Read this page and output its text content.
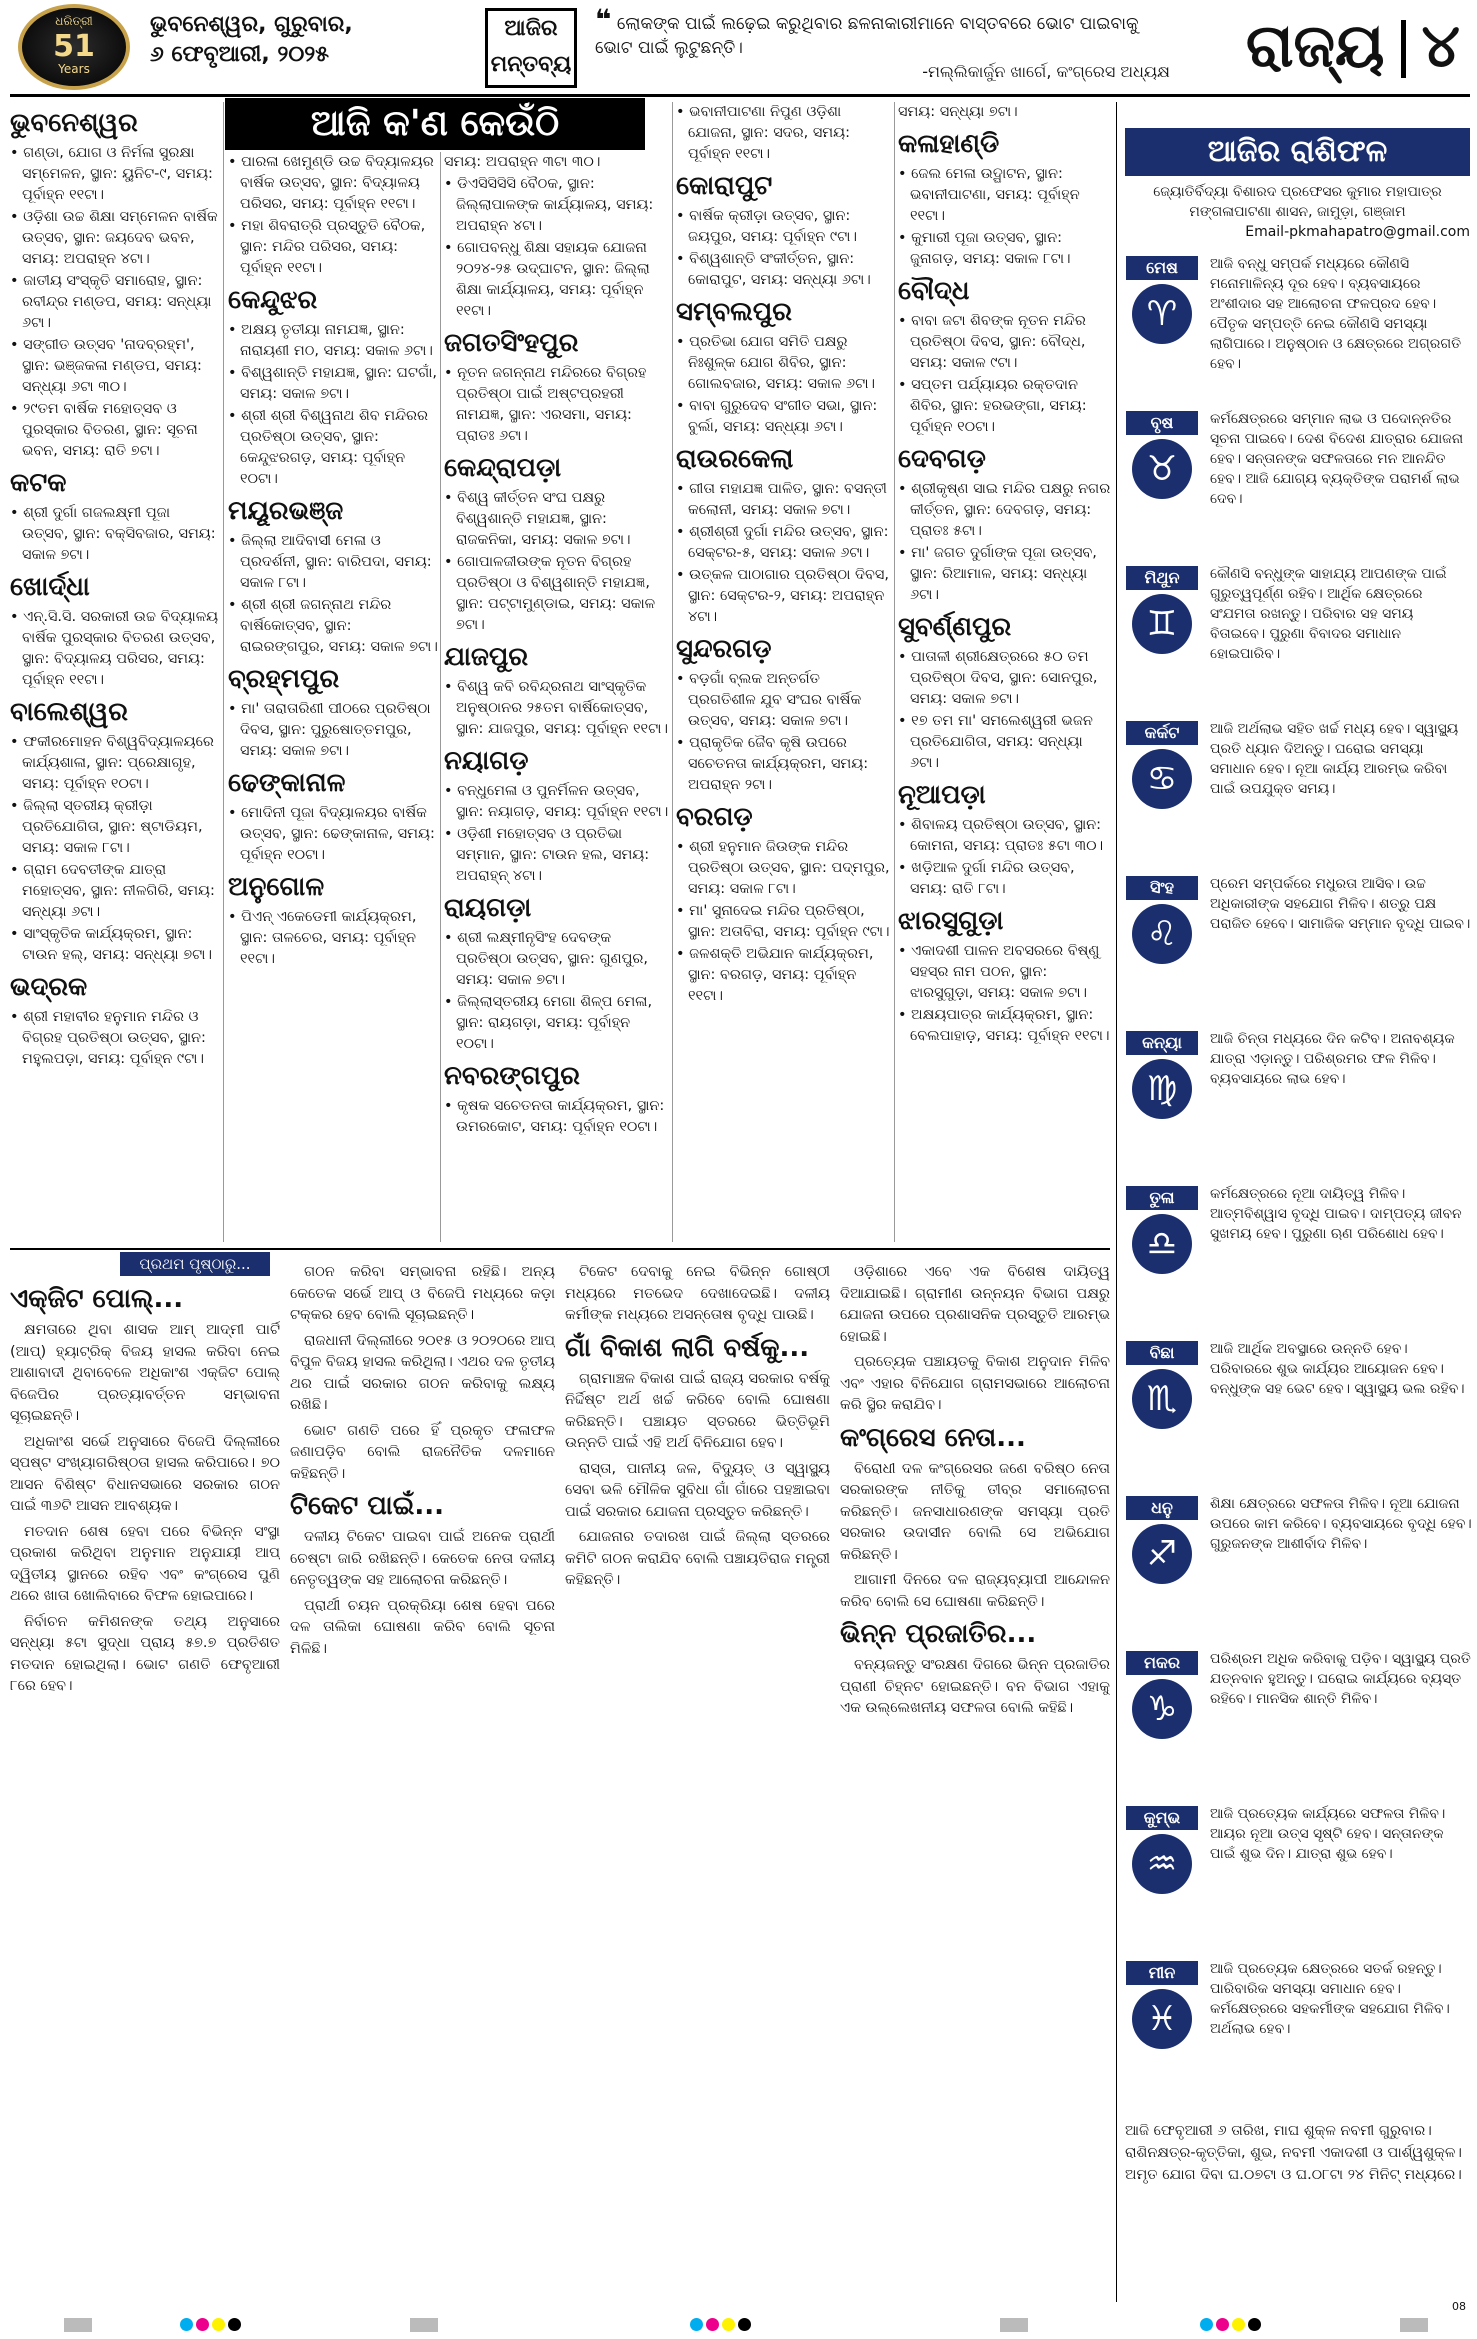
ଧରିତ୍ରୀ
51
Years
ଭୁବନେଶ୍ୱର, ଗୁରୁବାର,
୬ ଫେବୃଆରୀ, ୨୦୨୫
ଆଜିର ମନ୍ତବ୍ୟ
❝ ଲୋକଙ୍କ ପାଇଁ ଲଢ଼େଇ କରୁଥିବାର ଛଳନାକାରୀମାନେ ବାସ୍ତବରେ ଭୋଟ ପାଇବାକୁ ଭୋଟ ପାଇଁ ଲୁଟୁଛନ୍ତି।
-ମଲ୍ଲିକାର୍ଜୁନ ଖାର୍ଗେ, କଂଗ୍ରେସ ଅଧ୍ୟକ୍ଷ ରାଜ୍ୟ ୪
ଆଜି କ'ଣ କେଉଁଠି

ଭୁବନେଶ୍ୱର

• ଗଣ୍ଡା, ଯୋଗ ଓ ନିର୍ମଳା ସୁରକ୍ଷା ସମ୍ମେଳନ, ସ୍ଥାନ: ୟୁନିଟ-୯, ସମୟ: ପୂର୍ବାହ୍ନ ୧୧ଟା।

• ଓଡ଼ିଶା ଉଚ୍ଚ ଶିକ୍ଷା ସମ୍ମେଳନ ବାର୍ଷିକ ଉତ୍ସବ, ସ୍ଥାନ: ଜୟଦେବ ଭବନ, ସମୟ: ଅପରାହ୍ନ ୪ଟା।

• ଜାତୀୟ ସଂସ୍କୃତି ସମାରୋହ, ସ୍ଥାନ: ରବୀନ୍ଦ୍ର ମଣ୍ଡପ, ସମୟ: ସନ୍ଧ୍ୟା ୬ଟା।

• ସଙ୍ଗୀତ ଉତ୍ସବ 'ନାଦବ୍ରହ୍ମ', ସ୍ଥାନ: ଭଞ୍ଜକଳା ମଣ୍ଡପ, ସମୟ: ସନ୍ଧ୍ୟା ୬ଟା ୩୦।

• ୨୯ତମ ବାର୍ଷିକ ମହୋତ୍ସବ ଓ ପୁରସ୍କାର ବିତରଣ, ସ୍ଥାନ: ସୂଚନା ଭବନ, ସମୟ: ରାତି ୭ଟା।

କଟକ

• ଶ୍ରୀ ଦୁର୍ଗା ଗଜଲକ୍ଷ୍ମୀ ପୂଜା ଉତ୍ସବ, ସ୍ଥାନ: ବକ୍ସିବଜାର, ସମୟ: ସକାଳ ୭ଟା।

ଖୋର୍ଦ୍ଧା

• ଏନ୍.ସି.ସି. ସରକାରୀ ଉଚ୍ଚ ବିଦ୍ୟାଳୟ ବାର୍ଷିକ ପୁରସ୍କାର ବିତରଣ ଉତ୍ସବ, ସ୍ଥାନ: ବିଦ୍ୟାଳୟ ପରିସର, ସମୟ: ପୂର୍ବାହ୍ନ ୧୧ଟା।

ବାଲେଶ୍ୱର

• ଫକୀରମୋହନ ବିଶ୍ୱବିଦ୍ୟାଳୟରେ କାର୍ଯ୍ୟଶାଳା, ସ୍ଥାନ: ପ୍ରେକ୍ଷାଗୃହ, ସମୟ: ପୂର୍ବାହ୍ନ ୧୦ଟା।

• ଜିଲ୍ଲା ସ୍ତରୀୟ କ୍ରୀଡ଼ା ପ୍ରତିଯୋଗିତା, ସ୍ଥାନ: ଷ୍ଟାଡିୟମ, ସମୟ: ସକାଳ ୮ଟା।

• ଗ୍ରାମ ଦେବତୀଙ୍କ ଯାତ୍ରା ମହୋତ୍ସବ, ସ୍ଥାନ: ନୀଳଗିରି, ସମୟ: ସନ୍ଧ୍ୟା ୬ଟା।

• ସାଂସ୍କୃତିକ କାର୍ଯ୍ୟକ୍ରମ, ସ୍ଥାନ: ଟାଉନ ହଲ୍, ସମୟ: ସନ୍ଧ୍ୟା ୭ଟା।

ଭଦ୍ରକ

• ଶ୍ରୀ ମହାବୀର ହନୁମାନ ମନ୍ଦିର ଓ ବିଗ୍ରହ ପ୍ରତିଷ୍ଠା ଉତ୍ସବ, ସ୍ଥାନ: ମହୁଲପଡ଼ା, ସମୟ: ପୂର୍ବାହ୍ନ ୯ଟା।

• ପାରଳା ଖେମୁଣ୍ଡି ଉଚ୍ଚ ବିଦ୍ୟାଳୟର ବାର୍ଷିକ ଉତ୍ସବ, ସ୍ଥାନ: ବିଦ୍ୟାଳୟ ପରିସର, ସମୟ: ପୂର୍ବାହ୍ନ ୧୧ଟା।

• ମହା ଶିବରାତ୍ରି ପ୍ରସ୍ତୁତି ବୈଠକ, ସ୍ଥାନ: ମନ୍ଦିର ପରିସର, ସମୟ: ପୂର୍ବାହ୍ନ ୧୧ଟା।

କେନ୍ଦୁଝର

• ଅକ୍ଷୟ ତୃତୀୟା ନାମଯଜ୍ଞ, ସ୍ଥାନ: ନାରାୟଣୀ ମଠ, ସମୟ: ସକାଳ ୬ଟା।

• ବିଶ୍ୱଶାନ୍ତି ମହାଯଜ୍ଞ, ସ୍ଥାନ: ଘଟଗାଁ, ସମୟ: ସକାଳ ୭ଟା।

• ଶ୍ରୀ ଶ୍ରୀ ବିଶ୍ୱନାଥ ଶିବ ମନ୍ଦିରର ପ୍ରତିଷ୍ଠା ଉତ୍ସବ, ସ୍ଥାନ: କେନ୍ଦୁଝରଗଡ଼, ସମୟ: ପୂର୍ବାହ୍ନ ୧୦ଟା।

ମୟୂରଭଞ୍ଜ

• ଜିଲ୍ଲା ଆଦିବାସୀ ମେଳା ଓ ପ୍ରଦର୍ଶନୀ, ସ୍ଥାନ: ବାରିପଦା, ସମୟ: ସକାଳ ୮ଟା।

• ଶ୍ରୀ ଶ୍ରୀ ଜଗନ୍ନାଥ ମନ୍ଦିର ବାର୍ଷିକୋତ୍ସବ, ସ୍ଥାନ: ରାଇରଙ୍ଗପୁର, ସମୟ: ସକାଳ ୭ଟା।

ବ୍ରହ୍ମପୁର

• ମା' ତାରାତାରିଣୀ ପୀଠରେ ପ୍ରତିଷ୍ଠା ଦିବସ, ସ୍ଥାନ: ପୁରୁଷୋତ୍ତମପୁର, ସମୟ: ସକାଳ ୭ଟା।

ଢେଙ୍କାନାଳ

• ମୋଦିନୀ ପୂଜା ବିଦ୍ୟାଳୟର ବାର୍ଷିକ ଉତ୍ସବ, ସ୍ଥାନ: ଢେଙ୍କାନାଳ, ସମୟ: ପୂର୍ବାହ୍ନ ୧୦ଟା।

ଅନୁଗୋଳ

• ପିଏନ୍ ଏକେଡେମୀ କାର୍ଯ୍ୟକ୍ରମ, ସ୍ଥାନ: ତାଳଚେର, ସମୟ: ପୂର୍ବାହ୍ନ ୧୧ଟା।

ସମୟ: ଅପରାହ୍ନ ୩ଟା ୩୦।

• ଡିଏସିସିସିସି ବୈଠକ, ସ୍ଥାନ: ଜିଲ୍ଲାପାଳଙ୍କ କାର୍ଯ୍ୟାଳୟ, ସମୟ: ଅପରାହ୍ନ ୪ଟା।

• ଗୋପବନ୍ଧୁ ଶିକ୍ଷା ସହାୟକ ଯୋଜନା ୨୦୨୪-୨୫ ଉଦ୍‌ଘାଟନ, ସ୍ଥାନ: ଜିଲ୍ଲା ଶିକ୍ଷା କାର୍ଯ୍ୟାଳୟ, ସମୟ: ପୂର୍ବାହ୍ନ ୧୧ଟା।

ଜଗତସିଂହପୁର

• ନୂତନ ଜଗନ୍ନାଥ ମନ୍ଦିରରେ ବିଗ୍ରହ ପ୍ରତିଷ୍ଠା ପାଇଁ ଅଷ୍ଟପ୍ରହରୀ ନାମଯଜ୍ଞ, ସ୍ଥାନ: ଏରସମା, ସମୟ: ପ୍ରାତଃ ୬ଟା।

କେନ୍ଦ୍ରାପଡ଼ା

• ବିଶ୍ୱ କୀର୍ତ୍ତନ ସଂଘ ପକ୍ଷରୁ ବିଶ୍ୱଶାନ୍ତି ମହାଯଜ୍ଞ, ସ୍ଥାନ: ରାଜକନିକା, ସମୟ: ସକାଳ ୭ଟା।

• ଗୋପାଳଜୀଉଙ୍କ ନୂତନ ବିଗ୍ରହ ପ୍ରତିଷ୍ଠା ଓ ବିଶ୍ୱଶାନ୍ତି ମହାଯଜ୍ଞ, ସ୍ଥାନ: ପଟ୍ଟାମୁଣ୍ଡାଇ, ସମୟ: ସକାଳ ୭ଟା।

ଯାଜପୁର

• ବିଶ୍ୱ କବି ରବିନ୍ଦ୍ରନାଥ ସାଂସ୍କୃତିକ ଅନୁଷ୍ଠାନର ୨୫ତମ ବାର୍ଷିକୋତ୍ସବ, ସ୍ଥାନ: ଯାଜପୁର, ସମୟ: ପୂର୍ବାହ୍ନ ୧୧ଟା।

ନୟାଗଡ଼

• ବନ୍ଧୁମେଳା ଓ ପୁନର୍ମିଳନ ଉତ୍ସବ, ସ୍ଥାନ: ନୟାଗଡ଼, ସମୟ: ପୂର୍ବାହ୍ନ ୧୧ଟା।

• ଓଡ଼ିଶୀ ମହୋତ୍ସବ ଓ ପ୍ରତିଭା ସମ୍ମାନ, ସ୍ଥାନ: ଟାଉନ ହଲ, ସମୟ: ଅପରାହ୍ନ୍ ୪ଟା।

ରାୟଗଡ଼ା

• ଶ୍ରୀ ଲକ୍ଷ୍ମୀନୃସିଂହ ଦେବଙ୍କ ପ୍ରତିଷ୍ଠା ଉତ୍ସବ, ସ୍ଥାନ: ଗୁଣପୁର, ସମୟ: ସକାଳ ୭ଟା।

• ଜିଲ୍ଲାସ୍ତରୀୟ ମେଗା ଶିଳ୍ପ ମେଳା, ସ୍ଥାନ: ରାୟଗଡ଼ା, ସମୟ: ପୂର୍ବାହ୍ନ ୧୦ଟା।

ନବରଙ୍ଗପୁର

• କୃଷକ ସଚେତନତା କାର୍ଯ୍ୟକ୍ରମ, ସ୍ଥାନ: ଉମରକୋଟ, ସମୟ: ପୂର୍ବାହ୍ନ ୧୦ଟା।

• ଭବାନୀପାଟଣା ନିପୁଣ ଓଡ଼ିଶା ଯୋଜନା, ସ୍ଥାନ: ସଦର, ସମୟ: ପୂର୍ବାହ୍ନ ୧୧ଟା।

କୋରାପୁଟ

• ବାର୍ଷିକ କ୍ରୀଡ଼ା ଉତ୍ସବ, ସ୍ଥାନ: ଜୟପୁର, ସମୟ: ପୂର୍ବାହ୍ନ ୯ଟା।

• ବିଶ୍ୱଶାନ୍ତି ସଂକୀର୍ତ୍ତନ, ସ୍ଥାନ: କୋରାପୁଟ, ସମୟ: ସନ୍ଧ୍ୟା ୬ଟା।

ସମ୍ବଲପୁର

• ପ୍ରତିଭା ଯୋଗ ସମିତି ପକ୍ଷରୁ ନିଃଶୁଳ୍କ ଯୋଗ ଶିବିର, ସ୍ଥାନ: ଗୋଲବଜାର, ସମୟ: ସକାଳ ୬ଟା।

• ବାବା ଗୁରୁଦେବ ସଂଗୀତ ସଭା, ସ୍ଥାନ: ବୁର୍ଲା, ସମୟ: ସନ୍ଧ୍ୟା ୬ଟା।

ରାଉରକେଲା

• ଗୀତା ମହାଯଜ୍ଞ ପାଳିତ, ସ୍ଥାନ: ବସନ୍ତୀ କଲୋନୀ, ସମୟ: ସକାଳ ୭ଟା।

• ଶ୍ରୀଶ୍ରୀ ଦୁର୍ଗା ମନ୍ଦିର ଉତ୍ସବ, ସ୍ଥାନ: ସେକ୍ଟର-୫, ସମୟ: ସକାଳ ୬ଟା।

• ଉତ୍କଳ ପାଠାଗାର ପ୍ରତିଷ୍ଠା ଦିବସ, ସ୍ଥାନ: ସେକ୍ଟର-୨, ସମୟ: ଅପରାହ୍ନ ୪ଟା।

ସୁନ୍ଦରଗଡ଼

• ବଡ଼ଗାଁ ବ୍ଲକ ଅନ୍ତର୍ଗତ ପ୍ରଗତିଶୀଳ ଯୁବ ସଂଘର ବାର୍ଷିକ ଉତ୍ସବ, ସମୟ: ସକାଳ ୭ଟା।

• ପ୍ରାକୃତିକ ଜୈବ କୃଷି ଉପରେ ସଚେତନତା କାର୍ଯ୍ୟକ୍ରମ, ସମୟ: ଅପରାହ୍ନ ୨ଟା।

ବରଗଡ଼

• ଶ୍ରୀ ହନୁମାନ ଜିଉଙ୍କ ମନ୍ଦିର ପ୍ରତିଷ୍ଠା ଉତ୍ସବ, ସ୍ଥାନ: ପଦ୍ମପୁର, ସମୟ: ସକାଳ ୮ଟା।

• ମା' ସୁନାଦେଇ ମନ୍ଦିର ପ୍ରତିଷ୍ଠା, ସ୍ଥାନ: ଅତାବିରା, ସମୟ: ପୂର୍ବାହ୍ନ ୯ଟା।

• ଜଳଶକ୍ତି ଅଭିଯାନ କାର୍ଯ୍ୟକ୍ରମ, ସ୍ଥାନ: ବରଗଡ଼, ସମୟ: ପୂର୍ବାହ୍ନ ୧୧ଟା।

ସମୟ: ସନ୍ଧ୍ୟା ୭ଟା।

କଳାହାଣ୍ଡି

• ଜେଲ ମେଳା ଉଦ୍ଘାଟନ, ସ୍ଥାନ: ଭବାନୀପାଟଣା, ସମୟ: ପୂର୍ବାହ୍ନ ୧୧ଟା।

• କୁମାରୀ ପୂଜା ଉତ୍ସବ, ସ୍ଥାନ: ଜୁନାଗଡ଼, ସମୟ: ସକାଳ ୮ଟା।

ବୌଦ୍ଧ

• ବାବା ଜଟା ଶିବଙ୍କ ନୂତନ ମନ୍ଦିର ପ୍ରତିଷ୍ଠା ଦିବସ, ସ୍ଥାନ: ବୌଦ୍ଧ, ସମୟ: ସକାଳ ୯ଟା।

• ସପ୍ତମ ପର୍ଯ୍ୟାୟର ରକ୍ତଦାନ ଶିବିର, ସ୍ଥାନ: ହରଭଙ୍ଗା, ସମୟ: ପୂର୍ବାହ୍ନ ୧୦ଟା।

ଦେବଗଡ଼

• ଶ୍ରୀକୃଷ୍ଣ ସାଇ ମନ୍ଦିର ପକ୍ଷରୁ ନଗର କୀର୍ତ୍ତନ, ସ୍ଥାନ: ଦେବଗଡ଼, ସମୟ: ପ୍ରାତଃ ୫ଟା।

• ମା' ଜଗତ ଦୁର୍ଗାଙ୍କ ପୂଜା ଉତ୍ସବ, ସ୍ଥାନ: ରିଆମାଳ, ସମୟ: ସନ୍ଧ୍ୟା ୬ଟା।

ସୁବର୍ଣ୍ଣପୁର

• ପାତାଳୀ ଶ୍ରୀକ୍ଷେତ୍ରରେ ୫୦ ତମ ପ୍ରତିଷ୍ଠା ଦିବସ, ସ୍ଥାନ: ସୋନପୁର, ସମୟ: ସକାଳ ୭ଟା।

• ୧୭ ତମ ମା' ସମଲେଶ୍ୱରୀ ଭଜନ ପ୍ରତିଯୋଗିତା, ସମୟ: ସନ୍ଧ୍ୟା ୬ଟା।

ନୂଆପଡ଼ା

• ଶିବାଳୟ ପ୍ରତିଷ୍ଠା ଉତ୍ସବ, ସ୍ଥାନ: କୋମନା, ସମୟ: ପ୍ରାତଃ ୫ଟା ୩୦।

• ଖଡ଼ିଆଳ ଦୁର୍ଗା ମନ୍ଦିର ଉତ୍ସବ, ସମୟ: ରାତି ୮ଟା।

ଝାରସୁଗୁଡ଼ା

• ଏକାଦଶୀ ପାଳନ ଅବସରରେ ବିଷ୍ଣୁ ସହସ୍ର ନାମ ପଠନ, ସ୍ଥାନ: ଝାରସୁଗୁଡ଼ା, ସମୟ: ସକାଳ ୭ଟା।

• ଅକ୍ଷୟପାତ୍ର କାର୍ଯ୍ୟକ୍ରମ, ସ୍ଥାନ: ବେଲପାହାଡ଼, ସମୟ: ପୂର୍ବାହ୍ନ ୧୧ଟା।

ଆଜିର ରାଶିଫଳ
ଜ୍ୟୋତିର୍ବିଦ୍ୟା ବିଶାରଦ ପ୍ରଫେସର କୁମାର ମହାପାତ୍ର
ମଙ୍ଗଳାପାଟଣା ଶାସନ, ଜାମୁଡ଼ା, ଗଞ୍ଜାମ
Email-pkmahapatro@gmail.com
ମେଷ
♈
ଆଜି ବନ୍ଧୁ ସମ୍ପର୍କ ମଧ୍ୟରେ କୌଣସି ମନୋମାଳିନ୍ୟ ଦୂର ହେବ। ବ୍ୟବସାୟରେ ଅଂଶୀଦାର ସହ ଆଲୋଚନା ଫଳପ୍ରଦ ହେବ। ପୈତୃକ ସମ୍ପତ୍ତି ନେଇ କୌଣସି ସମସ୍ୟା ଲାଗିପାରେ। ଅନୁଷ୍ଠାନ ଓ କ୍ଷେତ୍ରରେ ଅଗ୍ରଗତି ହେବ।
ବୃଷ
♉
କର୍ମକ୍ଷେତ୍ରରେ ସମ୍ମାନ ଲାଭ ଓ ପଦୋନ୍ନତିର ସୂଚନା ପାଇବେ। ଦେଶ ବିଦେଶ ଯାତ୍ରାର ଯୋଜନା ହେବ। ସନ୍ତାନଙ୍କ ସଫଳତାରେ ମନ ଆନନ୍ଦିତ ହେବ। ଆଜି ଯୋଗ୍ୟ ବ୍ୟକ୍ତିଙ୍କ ପରାମର୍ଶ ଲାଭ ଦେବ।
ମିଥୁନ
♊
କୌଣସି ବନ୍ଧୁଙ୍କ ସାହାଯ୍ୟ ଆପଣଙ୍କ ପାଇଁ ଗୁରୁତ୍ୱପୂର୍ଣ୍ଣ ରହିବ। ଆର୍ଥିକ କ୍ଷେତ୍ରରେ ସଂଯମତା ରଖନ୍ତୁ। ପରିବାର ସହ ସମୟ ବିତାଇବେ। ପୁରୁଣା ବିବାଦର ସମାଧାନ ହୋଇପାରିବ।
କର୍କଟ
♋
ଆଜି ଅର୍ଥଲାଭ ସହିତ ଖର୍ଚ୍ଚ ମଧ୍ୟ ହେବ। ସ୍ୱାସ୍ଥ୍ୟ ପ୍ରତି ଧ୍ୟାନ ଦିଅନ୍ତୁ। ଘରୋଇ ସମସ୍ୟା ସମାଧାନ ହେବ। ନୂଆ କାର୍ଯ୍ୟ ଆରମ୍ଭ କରିବା ପାଇଁ ଉପଯୁକ୍ତ ସମୟ।
ସିଂହ
♌
ପ୍ରେମ ସମ୍ପର୍କରେ ମଧୁରତା ଆସିବ। ଉଚ୍ଚ ଅଧିକାରୀଙ୍କ ସହଯୋଗ ମିଳିବ। ଶତ୍ରୁ ପକ୍ଷ ପରାଜିତ ହେବେ। ସାମାଜିକ ସମ୍ମାନ ବୃଦ୍ଧି ପାଇବ।
କନ୍ୟା
♍
ଆଜି ଚିନ୍ତା ମଧ୍ୟରେ ଦିନ କଟିବ। ଅନାବଶ୍ୟକ ଯାତ୍ରା ଏଡ଼ାନ୍ତୁ। ପରିଶ୍ରମର ଫଳ ମିଳିବ। ବ୍ୟବସାୟରେ ଲାଭ ହେବ।
ତୁଳା
♎
କର୍ମକ୍ଷେତ୍ରରେ ନୂଆ ଦାୟିତ୍ୱ ମିଳିବ। ଆତ୍ମବିଶ୍ୱାସ ବୃଦ୍ଧି ପାଇବ। ଦାମ୍ପତ୍ୟ ଜୀବନ ସୁଖମୟ ହେବ। ପୁରୁଣା ଋଣ ପରିଶୋଧ ହେବ।
ବିଛା
♏
ଆଜି ଆର୍ଥିକ ଅବସ୍ଥାରେ ଉନ୍ନତି ହେବ। ପରିବାରରେ ଶୁଭ କାର୍ଯ୍ୟର ଆୟୋଜନ ହେବ। ବନ୍ଧୁଙ୍କ ସହ ଭେଟ ହେବ। ସ୍ୱାସ୍ଥ୍ୟ ଭଲ ରହିବ।
ଧନୁ
♐
ଶିକ୍ଷା କ୍ଷେତ୍ରରେ ସଫଳତା ମିଳିବ। ନୂଆ ଯୋଜନା ଉପରେ କାମ କରିବେ। ବ୍ୟବସାୟରେ ବୃଦ୍ଧି ହେବ। ଗୁରୁଜନଙ୍କ ଆଶୀର୍ବାଦ ମିଳିବ।
ମକର
♑
ପରିଶ୍ରମ ଅଧିକ କରିବାକୁ ପଡ଼ିବ। ସ୍ୱାସ୍ଥ୍ୟ ପ୍ରତି ଯତ୍ନବାନ ହୁଅନ୍ତୁ। ଘରୋଇ କାର୍ଯ୍ୟରେ ବ୍ୟସ୍ତ ରହିବେ। ମାନସିକ ଶାନ୍ତି ମିଳିବ।
କୁମ୍ଭ
♒
ଆଜି ପ୍ରତ୍ୟେକ କାର୍ଯ୍ୟରେ ସଫଳତା ମିଳିବ। ଆୟର ନୂଆ ଉତ୍ସ ସୃଷ୍ଟି ହେବ। ସନ୍ତାନଙ୍କ ପାଇଁ ଶୁଭ ଦିନ। ଯାତ୍ରା ଶୁଭ ହେବ।
ମୀନ
♓
ଆଜି ପ୍ରତ୍ୟେକ କ୍ଷେତ୍ରରେ ସତର୍କ ରହନ୍ତୁ। ପାରିବାରିକ ସମସ୍ୟା ସମାଧାନ ହେବ। କର୍ମକ୍ଷେତ୍ରରେ ସହକର୍ମୀଙ୍କ ସହଯୋଗ ମିଳିବ। ଅର୍ଥଲାଭ ହେବ।
ଆଜି ଫେବୃଆରୀ ୬ ତାରିଖ, ମାଘ ଶୁକ୍ଳ ନବମୀ ଗୁରୁବାର। ରାଶିନକ୍ଷତ୍ର-କୃତ୍ତିକା, ଶୁଭ, ନବମୀ ଏକାଦଶୀ ଓ ପାର୍ଶ୍ୱଶୁକ୍ଳ। ଅମୃତ ଯୋଗ ଦିବା ଘ.୦୭ଟା ଓ ଘ.୦୮ଟା ୨୪ ମିନିଟ୍ ମଧ୍ୟରେ।
ପ୍ରଥମ ପୃଷ୍ଠାରୁ...
ଏକ୍‌ଜିଟ ପୋଲ୍...

କ୍ଷମତାରେ ଥିବା ଶାସକ ଆମ୍ ଆଦ୍‌ମୀ ପାର୍ଟି (ଆପ୍) ହ୍ୟାଟ୍ରିକ୍ ବିଜୟ ହାସଲ କରିବା ନେଇ ଆଶାବାଦୀ ଥିବାବେଳେ ଅଧିକାଂଶ ଏକ୍‌ଜିଟ ପୋଲ୍ ବିଜେପିର ପ୍ରତ୍ୟାବର୍ତ୍ତନ ସମ୍ଭାବନା ସୂଚାଇଛନ୍ତି।

ଅଧିକାଂଶ ସର୍ଭେ ଅନୁସାରେ ବିଜେପି ଦିଲ୍ଲୀରେ ସ୍ପଷ୍ଟ ସଂଖ୍ୟାଗରିଷ୍ଠତା ହାସଲ କରିପାରେ। ୭୦ ଆସନ ବିଶିଷ୍ଟ ବିଧାନସଭାରେ ସରକାର ଗଠନ ପାଇଁ ୩୬ଟି ଆସନ ଆବଶ୍ୟକ।

ମତଦାନ ଶେଷ ହେବା ପରେ ବିଭିନ୍ନ ସଂସ୍ଥା ପ୍ରକାଶ କରିଥିବା ଅନୁମାନ ଅନୁଯାୟୀ ଆପ୍ ଦ୍ୱିତୀୟ ସ୍ଥାନରେ ରହିବ ଏବଂ କଂଗ୍ରେସ ପୁଣି ଥରେ ଖାତା ଖୋଲିବାରେ ବିଫଳ ହୋଇପାରେ।

ନିର୍ବାଚନ କମିଶନଙ୍କ ତଥ୍ୟ ଅନୁସାରେ ସନ୍ଧ୍ୟା ୫ଟା ସୁଦ୍ଧା ପ୍ରାୟ ୫୭.୭ ପ୍ରତିଶତ ମତଦାନ ହୋଇଥିଲା। ଭୋଟ ଗଣତି ଫେବୃଆରୀ ୮ରେ ହେବ।

ଗଠନ କରିବା ସମ୍ଭାବନା ରହିଛି। ଅନ୍ୟ କେତେକ ସର୍ଭେ ଆପ୍ ଓ ବିଜେପି ମଧ୍ୟରେ କଡ଼ା ଟକ୍କର ହେବ ବୋଲି ସୂଚାଇଛନ୍ତି।

ରାଜଧାନୀ ଦିଲ୍ଲୀରେ ୨୦୧୫ ଓ ୨୦୨୦ରେ ଆପ୍ ବିପୁଳ ବିଜୟ ହାସଲ କରିଥିଲା। ଏଥର ଦଳ ତୃତୀୟ ଥର ପାଇଁ ସରକାର ଗଠନ କରିବାକୁ ଲକ୍ଷ୍ୟ ରଖିଛି।

ଭୋଟ ଗଣତି ପରେ ହିଁ ପ୍ରକୃତ ଫଳାଫଳ ଜଣାପଡ଼ିବ ବୋଲି ରାଜନୈତିକ ଦଳମାନେ କହିଛନ୍ତି।

ଟିକେଟ ପାଇଁ...

ଦଳୀୟ ଟିକେଟ ପାଇବା ପାଇଁ ଅନେକ ପ୍ରାର୍ଥୀ ଚେଷ୍ଟା ଜାରି ରଖିଛନ୍ତି। କେତେକ ନେତା ଦଳୀୟ ନେତୃତ୍ୱଙ୍କ ସହ ଆଲୋଚନା କରିଛନ୍ତି।

ପ୍ରାର୍ଥୀ ଚୟନ ପ୍ରକ୍ରିୟା ଶେଷ ହେବା ପରେ ଦଳ ତାଲିକା ଘୋଷଣା କରିବ ବୋଲି ସୂଚନା ମିଳିଛି।

ଟିକେଟ ଦେବାକୁ ନେଇ ବିଭିନ୍ନ ଗୋଷ୍ଠୀ ମଧ୍ୟରେ ମତଭେଦ ଦେଖାଦେଇଛି। ଦଳୀୟ କର୍ମୀଙ୍କ ମଧ୍ୟରେ ଅସନ୍ତୋଷ ବୃଦ୍ଧି ପାଉଛି।

ଗାଁ ବିକାଶ ଲାଗି ବର୍ଷକୁ...

ଗ୍ରାମାଞ୍ଚଳ ବିକାଶ ପାଇଁ ରାଜ୍ୟ ସରକାର ବର୍ଷକୁ ନିର୍ଦ୍ଦିଷ୍ଟ ଅର୍ଥ ଖର୍ଚ୍ଚ କରିବେ ବୋଲି ଘୋଷଣା କରିଛନ୍ତି। ପଞ୍ଚାୟତ ସ୍ତରରେ ଭିତ୍ତିଭୂମି ଉନ୍ନତି ପାଇଁ ଏହି ଅର୍ଥ ବିନିଯୋଗ ହେବ।

ରାସ୍ତା, ପାନୀୟ ଜଳ, ବିଦ୍ୟୁତ୍ ଓ ସ୍ୱାସ୍ଥ୍ୟ ସେବା ଭଳି ମୌଳିକ ସୁବିଧା ଗାଁ ଗାଁରେ ପହଞ୍ଚାଇବା ପାଇଁ ସରକାର ଯୋଜନା ପ୍ରସ୍ତୁତ କରିଛନ୍ତି।

ଯୋଜନାର ତଦାରଖ ପାଇଁ ଜିଲ୍ଲା ସ୍ତରରେ କମିଟି ଗଠନ କରାଯିବ ବୋଲି ପଞ୍ଚାୟତିରାଜ ମନ୍ତ୍ରୀ କହିଛନ୍ତି।

ଓଡ଼ିଶାରେ ଏବେ ଏକ ବିଶେଷ ଦାୟିତ୍ୱ ଦିଆଯାଇଛି। ଗ୍ରାମୀଣ ଉନ୍ନୟନ ବିଭାଗ ପକ୍ଷରୁ ଯୋଜନା ଉପରେ ପ୍ରଶାସନିକ ପ୍ରସ୍ତୁତି ଆରମ୍ଭ ହୋଇଛି।

ପ୍ରତ୍ୟେକ ପଞ୍ଚାୟତକୁ ବିକାଶ ଅନୁଦାନ ମିଳିବ ଏବଂ ଏହାର ବିନିଯୋଗ ଗ୍ରାମସଭାରେ ଆଲୋଚନା କରି ସ୍ଥିର କରାଯିବ।

କଂଗ୍ରେସ ନେତା...

ବିରୋଧୀ ଦଳ କଂଗ୍ରେସର ଜଣେ ବରିଷ୍ଠ ନେତା ସରକାରଙ୍କ ନୀତିକୁ ତୀବ୍ର ସମାଲୋଚନା କରିଛନ୍ତି। ଜନସାଧାରଣଙ୍କ ସମସ୍ୟା ପ୍ରତି ସରକାର ଉଦାସୀନ ବୋଲି ସେ ଅଭିଯୋଗ କରିଛନ୍ତି।

ଆଗାମୀ ଦିନରେ ଦଳ ରାଜ୍ୟବ୍ୟାପୀ ଆନ୍ଦୋଳନ କରିବ ବୋଲି ସେ ଘୋଷଣା କରିଛନ୍ତି।

ଭିନ୍ନ ପ୍ରଜାତିର...

ବନ୍ୟଜନ୍ତୁ ସଂରକ୍ଷଣ ଦିଗରେ ଭିନ୍ନ ପ୍ରଜାତିର ପ୍ରାଣୀ ଚିହ୍ନଟ ହୋଇଛନ୍ତି। ବନ ବିଭାଗ ଏହାକୁ ଏକ ଉଲ୍ଲେଖନୀୟ ସଫଳତା ବୋଲି କହିଛି।

08
